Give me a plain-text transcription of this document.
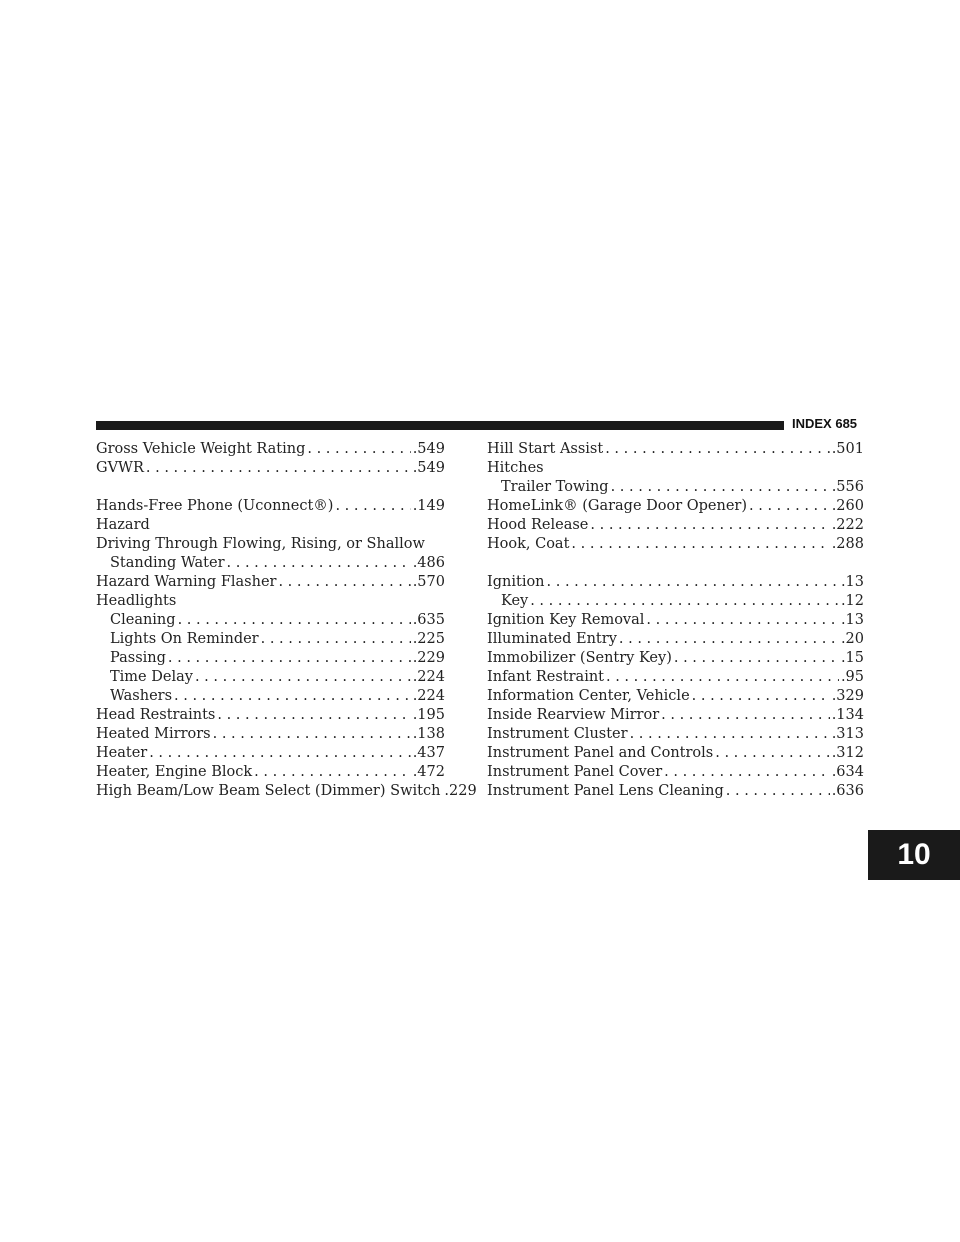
INDEX 685
Gross Vehicle Weight Rating . . .	.549
GVWR . . .	.549
Hands-Free Phone (Uconnect®) . . .	.149
Hazard
Driving Through Flowing, Rising, or Shallow
Standing Water . . .	.486
Hazard Warning Flasher . . .	.570
Headlights
Cleaning . . .	.635
Lights On Reminder . . .	.225
Passing . . .	.229
Time Delay . . .	.224
Washers . . .	.224
Head Restraints . . .	.195
Heated Mirrors . . .	.138
Heater . . .	.437
Heater, Engine Block . . .	.472
High Beam/Low Beam Select (Dimmer) Switch .229
Hill Start Assist . . .	.501
Hitches
Trailer Towing . . .	.556
HomeLink® (Garage Door Opener) . . .	.260
Hood Release . . .	.222
Hook, Coat . . .	.288
Ignition . . .	.13
Key . . .	.12
Ignition Key Removal . . .	.13
Illuminated Entry . . .	.20
Immobilizer (Sentry Key) . . .	.15
Infant Restraint . . .	.95
Information Center, Vehicle . . .	.329
Inside Rearview Mirror . . .	.134
Instrument Cluster . . .	.313
Instrument Panel and Controls . . .	.312
Instrument Panel Cover . . .	.634
Instrument Panel Lens Cleaning . . .	.636
10
